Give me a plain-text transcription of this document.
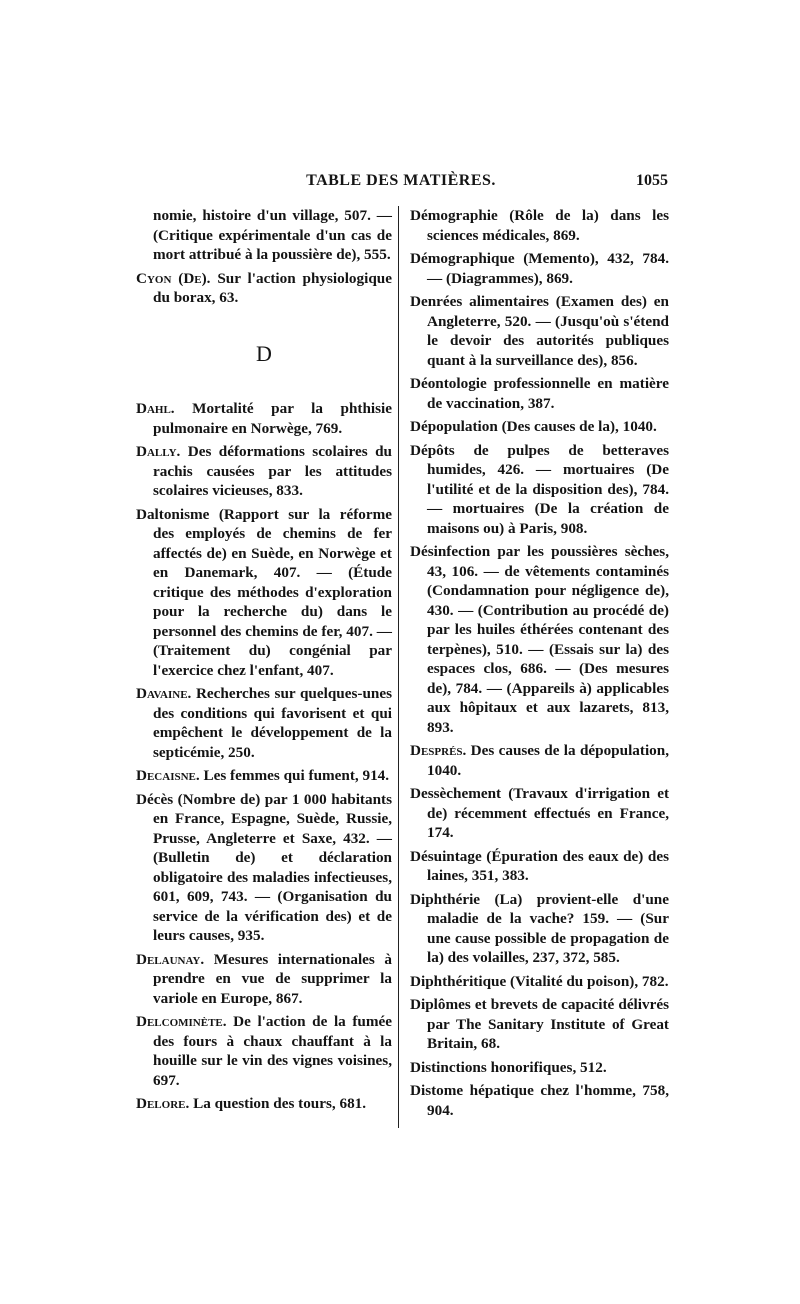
TABLE DES MATIÈRES.	1055

nomie, histoire d'un village, 507. — (Critique expérimentale d'un cas de mort attribué à la poussière de), 555.

Cyon (De). Sur l'action physiologique du borax, 63.

D

Dahl. Mortalité par la phthisie pulmonaire en Norwège, 769.

Dally. Des déformations scolaires du rachis causées par les attitudes scolaires vicieuses, 833.

Daltonisme (Rapport sur la réforme des employés de chemins de fer affectés de) en Suède, en Norwège et en Danemark, 407. — (Étude critique des méthodes d'exploration pour la recherche du) dans le personnel des chemins de fer, 407. — (Traitement du) congénial par l'exercice chez l'enfant, 407.

Davaine. Recherches sur quelques-unes des conditions qui favorisent et qui empêchent le développement de la septicémie, 250.

Decaisne. Les femmes qui fument, 914.

Décès (Nombre de) par 1 000 habitants en France, Espagne, Suède, Russie, Prusse, Angleterre et Saxe, 432. — (Bulletin de) et déclaration obligatoire des maladies infectieuses, 601, 609, 743. — (Organisation du service de la vérification des) et de leurs causes, 935.

Delaunay. Mesures internationales à prendre en vue de supprimer la variole en Europe, 867.

Delcominète. De l'action de la fumée des fours à chaux chauffant à la houille sur le vin des vignes voisines, 697.

Delore. La question des tours, 681.

Démographie (Rôle de la) dans les sciences médicales, 869.

Démographique (Memento), 432, 784. — (Diagrammes), 869.

Denrées alimentaires (Examen des) en Angleterre, 520. — (Jusqu'où s'étend le devoir des autorités publiques quant à la surveillance des), 856.

Déontologie professionnelle en matière de vaccination, 387.

Dépopulation (Des causes de la), 1040.

Dépôts de pulpes de betteraves humides, 426. — mortuaires (De l'utilité et de la disposition des), 784. — mortuaires (De la création de maisons ou) à Paris, 908.

Désinfection par les poussières sèches, 43, 106. — de vêtements contaminés (Condamnation pour négligence de), 430. — (Contribution au procédé de) par les huiles éthérées contenant des terpènes), 510. — (Essais sur la) des espaces clos, 686. — (Des mesures de), 784. — (Appareils à) applicables aux hôpitaux et aux lazarets, 813, 893.

Després. Des causes de la dépopulation, 1040.

Dessèchement (Travaux d'irrigation et de) récemment effectués en France, 174.

Désuintage (Épuration des eaux de) des laines, 351, 383.

Diphthérie (La) provient-elle d'une maladie de la vache? 159. — (Sur une cause possible de propagation de la) des volailles, 237, 372, 585.

Diphthéritique (Vitalité du poison), 782.

Diplômes et brevets de capacité délivrés par The Sanitary Institute of Great Britain, 68.

Distinctions honorifiques, 512.

Distome hépatique chez l'homme, 758, 904.
